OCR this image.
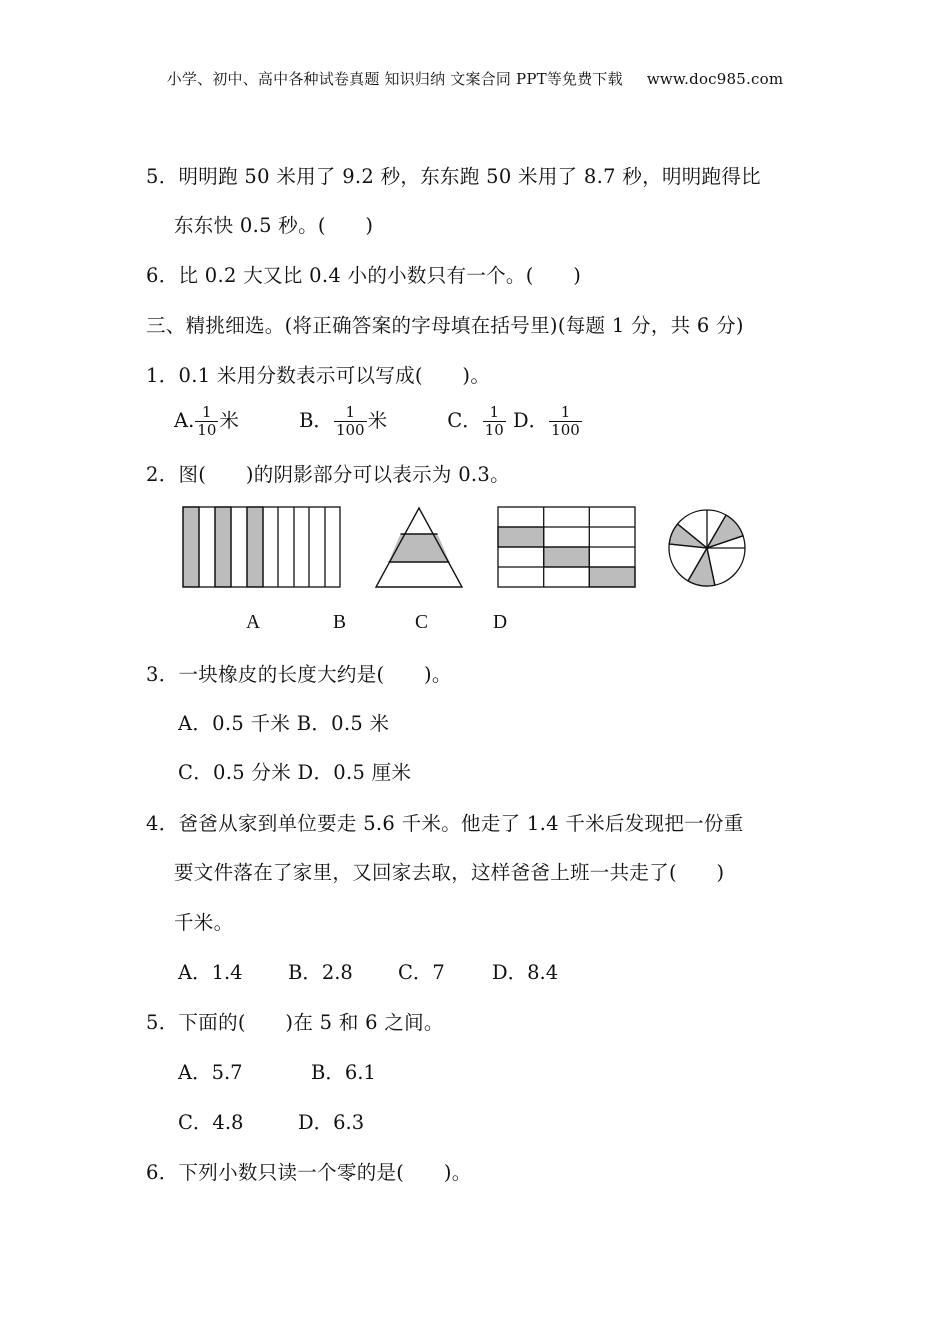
小学、初中、高中各种试卷真题 知识归纳 文案合同 PPT等免费下载 www.doc985.com
5．明明跑 50 米用了 9.2 秒，东东跑 50 米用了 8.7 秒，明明跑得比
东东快 0.5 秒。(　　)
6．比 0.2 大又比 0.4 小的小数只有一个。(　　)
三、精挑细选。(将正确答案的字母填在括号里)(每题 1 分，共 6 分)
1．0.1 米用分数表示可以写成(　　)。
A. $\frac{1}{10}$ 米	B． $\frac{1}{100}$ 米	C． $\frac{1}{10}$ D． $\frac{1}{100}$
2．图(　　)的阴影部分可以表示为 0.3。
A	B	C	D
3．一块橡皮的长度大约是(　　)。
A．0.5 千米 B．0.5 米
C．0.5 分米 D．0.5 厘米
4．爸爸从家到单位要走 5.6 千米。他走了 1.4 千米后发现把一份重
要文件落在了家里，又回家去取，这样爸爸上班一共走了(　　)
千米。
A．1.4 B．2.8 C．7 D．8.4
5．下面的(　　)在 5 和 6 之间。
A．5.7	B．6.1
C．4.8	D．6.3
6．下列小数只读一个零的是(　　)。
